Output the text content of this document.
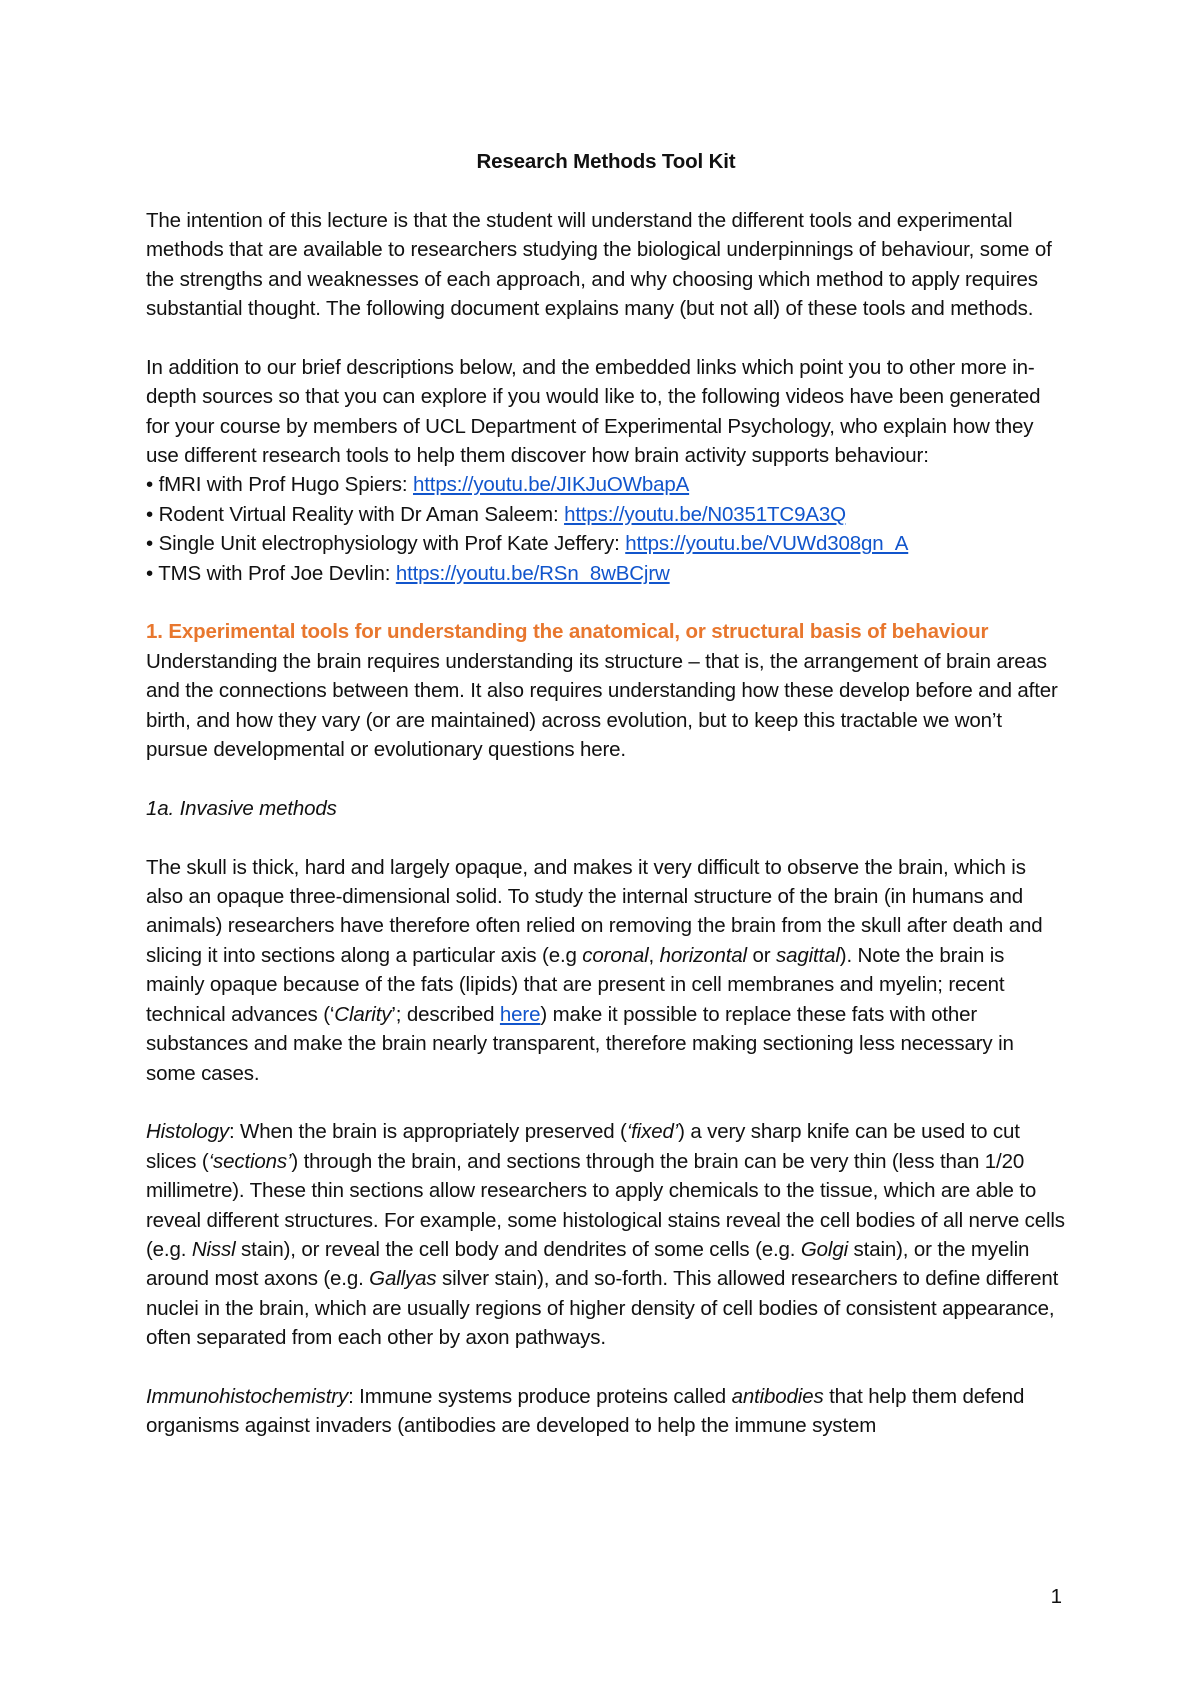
Research Methods Tool Kit

The intention of this lecture is that the student will understand the different tools and experimental methods that are available to researchers studying the biological underpinnings of behaviour, some of the strengths and weaknesses of each approach, and why choosing which method to apply requires substantial thought. The following document explains many (but not all) of these tools and methods.

In addition to our brief descriptions below, and the embedded links which point you to other more in-depth sources so that you can explore if you would like to, the following videos have been generated for your course by members of UCL Department of Experimental Psychology, who explain how they use different research tools to help them discover how brain activity supports behaviour:

• fMRI with Prof Hugo Spiers: https://youtu.be/JIKJuOWbapA
• Rodent Virtual Reality with Dr Aman Saleem: https://youtu.be/N0351TC9A3Q
• Single Unit electrophysiology with Prof Kate Jeffery: https://youtu.be/VUWd308gn_A
• TMS with Prof Joe Devlin: https://youtu.be/RSn_8wBCjrw
1. Experimental tools for understanding the anatomical, or structural basis of behaviour

Understanding the brain requires understanding its structure – that is, the arrangement of brain areas and the connections between them. It also requires understanding how these develop before and after birth, and how they vary (or are maintained) across evolution, but to keep this tractable we won’t pursue developmental or evolutionary questions here.

1a. Invasive methods

The skull is thick, hard and largely opaque, and makes it very difficult to observe the brain, which is also an opaque three-dimensional solid. To study the internal structure of the brain (in humans and animals) researchers have therefore often relied on removing the brain from the skull after death and slicing it into sections along a particular axis (e.g coronal, horizontal or sagittal). Note the brain is mainly opaque because of the fats (lipids) that are present in cell membranes and myelin; recent technical advances (‘Clarity’; described here) make it possible to replace these fats with other substances and make the brain nearly transparent, therefore making sectioning less necessary in some cases.

Histology: When the brain is appropriately preserved (‘fixed’) a very sharp knife can be used to cut slices (‘sections’) through the brain, and sections through the brain can be very thin (less than 1/20 millimetre). These thin sections allow researchers to apply chemicals to the tissue, which are able to reveal different structures. For example, some histological stains reveal the cell bodies of all nerve cells (e.g. Nissl stain), or reveal the cell body and dendrites of some cells (e.g. Golgi stain), or the myelin around most axons (e.g. Gallyas silver stain), and so-forth. This allowed researchers to define different nuclei in the brain, which are usually regions of higher density of cell bodies of consistent appearance, often separated from each other by axon pathways.

Immunohistochemistry: Immune systems produce proteins called antibodies that help them defend organisms against invaders (antibodies are developed to help the immune system

1
